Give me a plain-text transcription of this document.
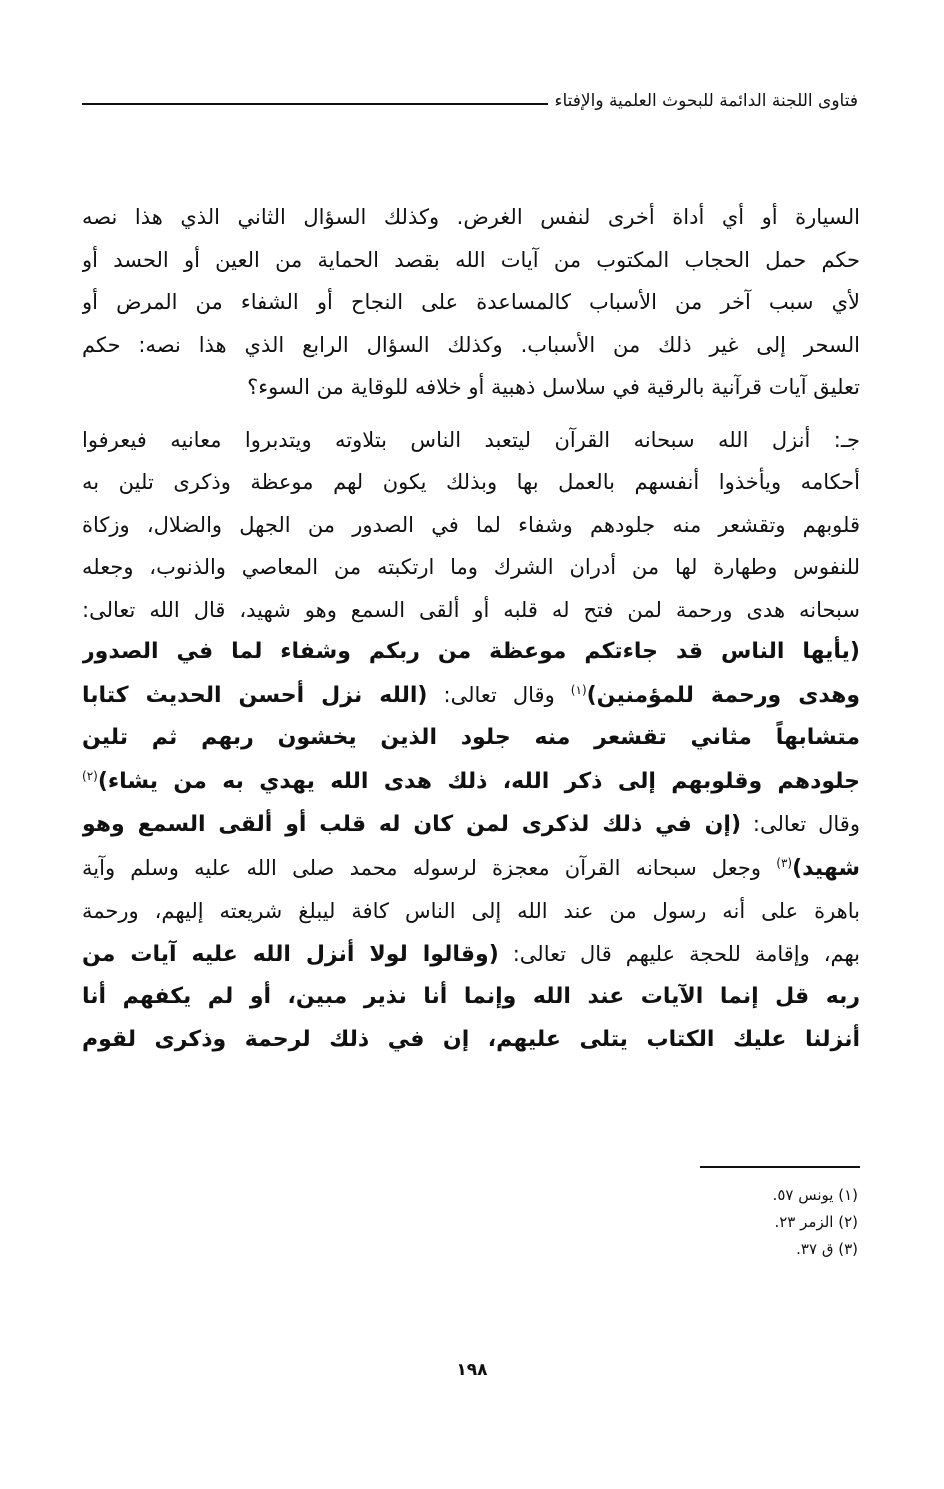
فتاوى اللجنة الدائمة للبحوث العلمية والإفتاء

السيارة أو أي أداة أخرى لنفس الغرض. وكذلك السؤال الثاني الذي هذا نصه
حكم حمل الحجاب المكتوب من آيات الله بقصد الحماية من العين أو الحسد أو
لأي سبب آخر من الأسباب كالمساعدة على النجاح أو الشفاء من المرض أو
السحر إلى غير ذلك من الأسباب. وكذلك السؤال الرابع الذي هذا نصه: حكم
تعليق آيات قرآنية بالرقية في سلاسل ذهبية أو خلافه للوقاية من السوء؟

جـ: أنزل الله سبحانه القرآن ليتعبد الناس بتلاوته ويتدبروا معانيه فيعرفوا
أحكامه ويأخذوا أنفسهم بالعمل بها وبذلك يكون لهم موعظة وذكرى تلين به
قلوبهم وتقشعر منه جلودهم وشفاء لما في الصدور من الجهل والضلال، وزكاة
للنفوس وطهارة لها من أدران الشرك وما ارتكبته من المعاصي والذنوب، وجعله
سبحانه هدى ورحمة لمن فتح له قلبه أو ألقى السمع وهو شهيد، قال الله تعالى:
(يأيها الناس قد جاءتكم موعظة من ربكم وشفاء لما في الصدور
وهدى ورحمة للمؤمنين)$^{(١)}$ وقال تعالى: (الله نزل أحسن الحديث كتابا
متشابهاً مثاني تقشعر منه جلود الذين يخشون ربهم ثم تلين
جلودهم وقلوبهم إلى ذكر الله، ذلك هدى الله يهدي به من يشاء)$^{(٢)}$
وقال تعالى: (إن في ذلك لذكرى لمن كان له قلب أو ألقى السمع وهو
شهيد)$^{(٣)}$ وجعل سبحانه القرآن معجزة لرسوله محمد صلى الله عليه وسلم وآية
باهرة على أنه رسول من عند الله إلى الناس كافة ليبلغ شريعته إليهم، ورحمة
بهم، وإقامة للحجة عليهم قال تعالى: (وقالوا لولا أنزل الله عليه آيات من
ربه قل إنما الآيات عند الله وإنما أنا نذير مبين، أو لم يكفهم أنا
أنزلنا عليك الكتاب يتلى عليهم، إن في ذلك لرحمة وذكرى لقوم

(١) يونس ٥٧.
(٢) الزمر ٢٣.
(٣) ق ٣٧.
١٩٨
